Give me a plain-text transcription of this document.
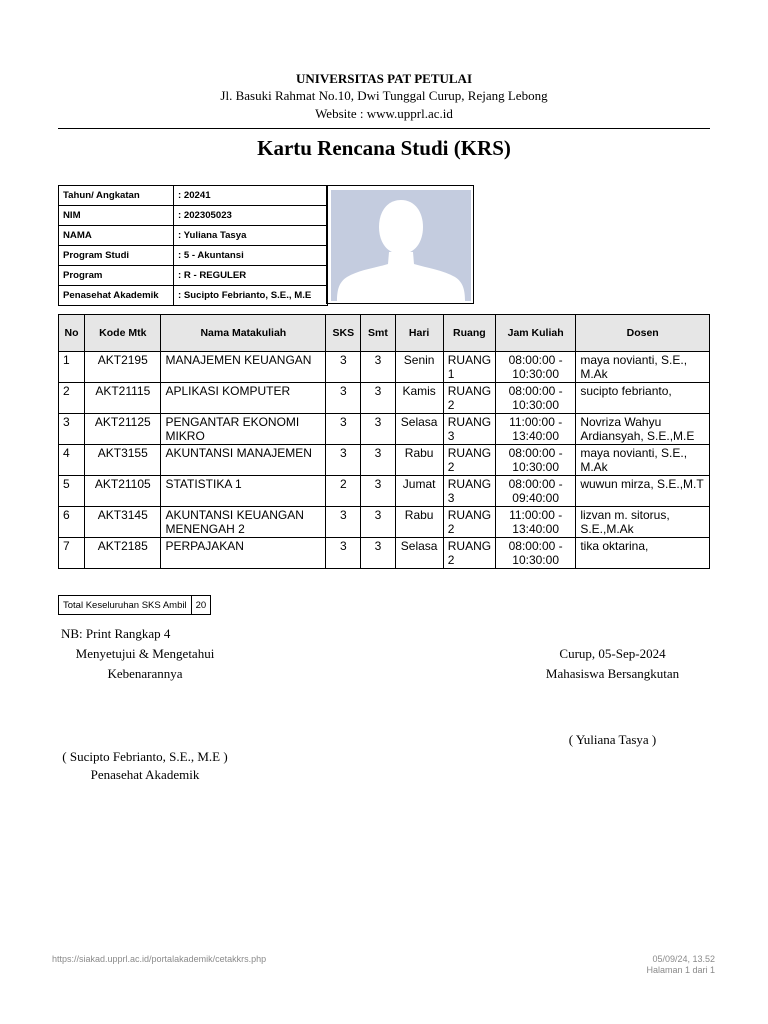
UNIVERSITAS PAT PETULAI
Jl. Basuki Rahmat No.10, Dwi Tunggal Curup, Rejang Lebong
Website : www.upprl.ac.id
Kartu Rencana Studi (KRS)
Tahun/ Angkatan	: 20241
NIM	: 202305023
NAMA	: Yuliana Tasya
Program Studi	: 5 - Akuntansi
Program	: R - REGULER
Penasehat Akademik	: Sucipto Febrianto, S.E., M.E
No	Kode Mtk	Nama Matakuliah	SKS	Smt	Hari	Ruang	Jam Kuliah	Dosen
1	AKT2195	MANAJEMEN KEUANGAN	3	3	Senin	RUANG 1	08:00:00 - 10:30:00	maya novianti, S.E., M.Ak
2	AKT21115	APLIKASI KOMPUTER	3	3	Kamis	RUANG 2	08:00:00 - 10:30:00	sucipto febrianto,
3	AKT21125	PENGANTAR EKONOMI MIKRO	3	3	Selasa	RUANG 3	11:00:00 - 13:40:00	Novriza Wahyu Ardiansyah, S.E.,M.E
4	AKT3155	AKUNTANSI MANAJEMEN	3	3	Rabu	RUANG 2	08:00:00 - 10:30:00	maya novianti, S.E., M.Ak
5	AKT21105	STATISTIKA 1	2	3	Jumat	RUANG 3	08:00:00 - 09:40:00	wuwun mirza, S.E.,M.T
6	AKT3145	AKUNTANSI KEUANGAN MENENGAH 2	3	3	Rabu	RUANG 2	11:00:00 - 13:40:00	lizvan m. sitorus, S.E.,M.Ak
7	AKT2185	PERPAJAKAN	3	3	Selasa	RUANG 2	08:00:00 - 10:30:00	tika oktarina,
Total Keseluruhan SKS Ambil	20
NB: Print Rangkap 4
Menyetujui & Mengetahui
Kebenarannya
( Sucipto Febrianto, S.E., M.E )
Penasehat Akademik
Curup, 05-Sep-2024
Mahasiswa Bersangkutan
( Yuliana Tasya )
https://siakad.upprl.ac.id/portalakademik/cetakkrs.php	05/09/24, 13.52
Halaman 1 dari 1
